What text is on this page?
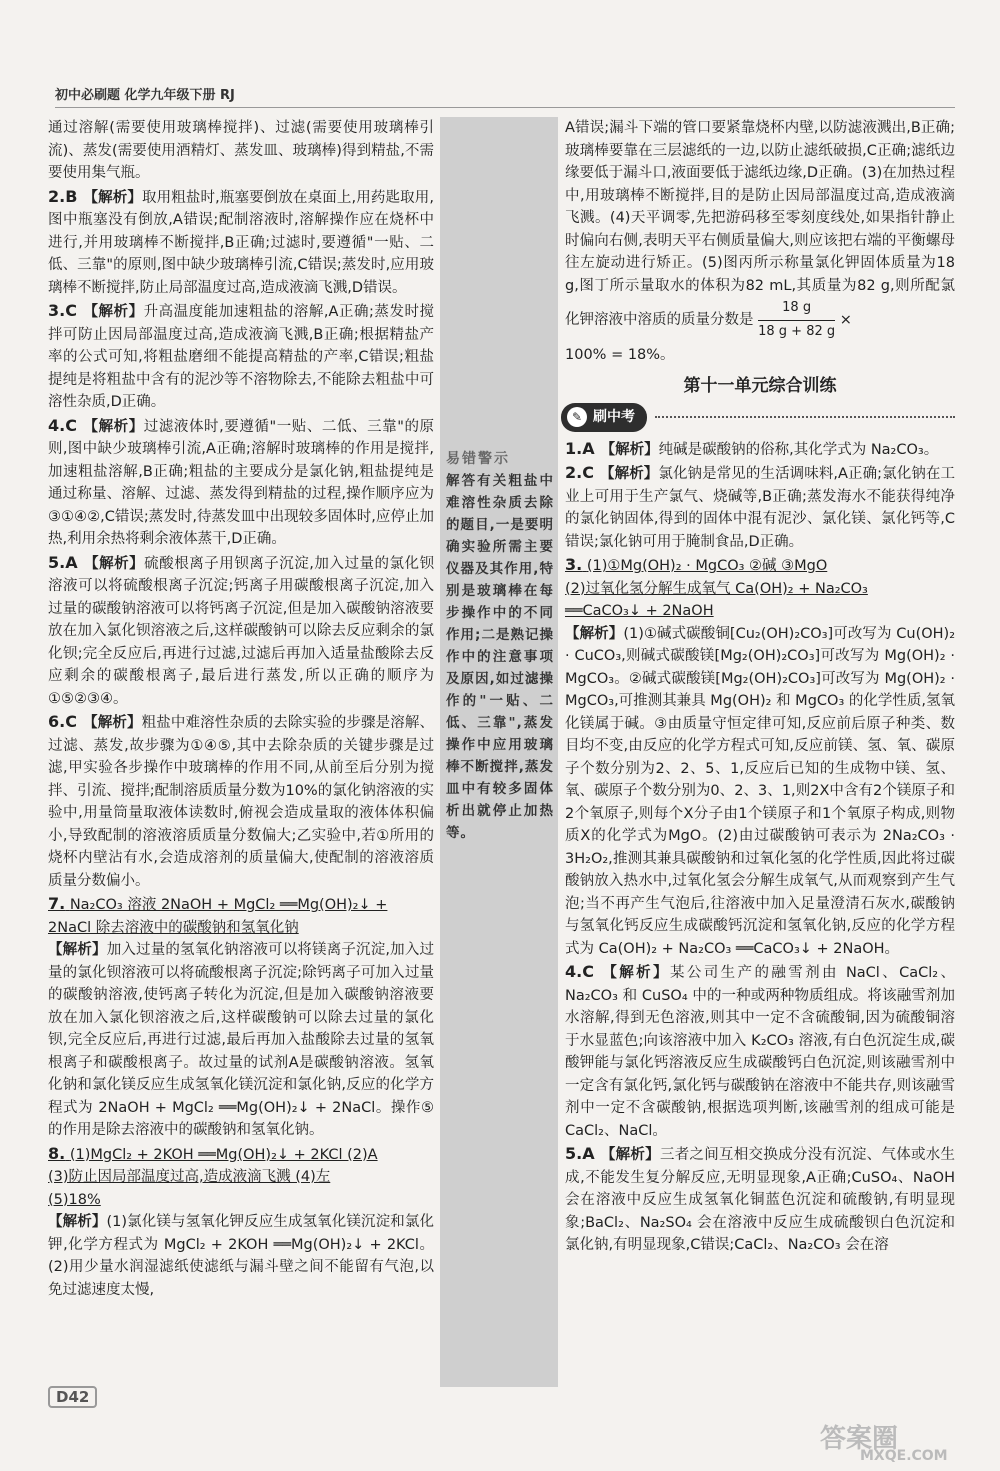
初中必刷题 化学九年级下册 RJ

通过溶解(需要使用玻璃棒搅拌)、过滤(需要使用玻璃棒引流)、蒸发(需要使用酒精灯、蒸发皿、玻璃棒)得到精盐,不需要使用集气瓶。

2.B 【解析】取用粗盐时,瓶塞要倒放在桌面上,用药匙取用,图中瓶塞没有倒放,A错误;配制溶液时,溶解操作应在烧杯中进行,并用玻璃棒不断搅拌,B正确;过滤时,要遵循"一贴、二低、三靠"的原则,图中缺少玻璃棒引流,C错误;蒸发时,应用玻璃棒不断搅拌,防止局部温度过高,造成液滴飞溅,D错误。

3.C 【解析】升高温度能加速粗盐的溶解,A正确;蒸发时搅拌可防止因局部温度过高,造成液滴飞溅,B正确;根据精盐产率的公式可知,将粗盐磨细不能提高精盐的产率,C错误;粗盐提纯是将粗盐中含有的泥沙等不溶物除去,不能除去粗盐中可溶性杂质,D正确。

4.C 【解析】过滤液体时,要遵循"一贴、二低、三靠"的原则,图中缺少玻璃棒引流,A正确;溶解时玻璃棒的作用是搅拌,加速粗盐溶解,B正确;粗盐的主要成分是氯化钠,粗盐提纯是通过称量、溶解、过滤、蒸发得到精盐的过程,操作顺序应为③①④②,C错误;蒸发时,待蒸发皿中出现较多固体时,应停止加热,利用余热将剩余液体蒸干,D正确。

5.A 【解析】硫酸根离子用钡离子沉淀,加入过量的氯化钡溶液可以将硫酸根离子沉淀;钙离子用碳酸根离子沉淀,加入过量的碳酸钠溶液可以将钙离子沉淀,但是加入碳酸钠溶液要放在加入氯化钡溶液之后,这样碳酸钠可以除去反应剩余的氯化钡;完全反应后,再进行过滤,过滤后再加入适量盐酸除去反应剩余的碳酸根离子,最后进行蒸发,所以正确的顺序为①⑤②③④。

6.C 【解析】粗盐中难溶性杂质的去除实验的步骤是溶解、过滤、蒸发,故步骤为①④⑤,其中去除杂质的关键步骤是过滤,甲实验各步操作中玻璃棒的作用不同,从前至后分别为搅拌、引流、搅拌;配制溶质质量分数为10%的氯化钠溶液的实验中,用量筒量取液体读数时,俯视会造成量取的液体体积偏小,导致配制的溶液溶质质量分数偏大;乙实验中,若①所用的烧杯内壁沾有水,会造成溶剂的质量偏大,使配制的溶液溶质质量分数偏小。

7. Na₂CO₃ 溶液 2NaOH + MgCl₂ ══Mg(OH)₂↓ +
2NaCl 除去溶液中的碳酸钠和氢氧化钠
【解析】加入过量的氢氧化钠溶液可以将镁离子沉淀,加入过量的氯化钡溶液可以将硫酸根离子沉淀;除钙离子可加入过量的碳酸钠溶液,使钙离子转化为沉淀,但是加入碳酸钠溶液要放在加入氯化钡溶液之后,这样碳酸钠可以除去过量的氯化钡,完全反应后,再进行过滤,最后再加入盐酸除去过量的氢氧根离子和碳酸根离子。故过量的试剂A是碳酸钠溶液。氢氧化钠和氯化镁反应生成氢氧化镁沉淀和氯化钠,反应的化学方程式为 2NaOH + MgCl₂ ══Mg(OH)₂↓ + 2NaCl。操作⑤的作用是除去溶液中的碳酸钠和氢氧化钠。
8. (1)MgCl₂ + 2KOH ══Mg(OH)₂↓ + 2KCl (2)A
(3)防止因局部温度过高,造成液滴飞溅 (4)左
(5)18%
【解析】(1)氯化镁与氢氧化钾反应生成氢氧化镁沉淀和氯化钾,化学方程式为 MgCl₂ + 2KOH ══Mg(OH)₂↓ + 2KCl。(2)用少量水润湿滤纸使滤纸与漏斗壁之间不能留有气泡,以免过滤速度太慢,
易错警示
解答有关粗盐中难溶性杂质去除的题目,一是要明确实验所需主要仪器及其作用,特别是玻璃棒在每步操作中的不同作用;二是熟记操作中的注意事项及原因,如过滤操作的"一贴、二低、三靠",蒸发操作中应用玻璃棒不断搅拌,蒸发皿中有较多固体析出就停止加热等。

A错误;漏斗下端的管口要紧靠烧杯内壁,以防滤液溅出,B正确;玻璃棒要靠在三层滤纸的一边,以防止滤纸破损,C正确;滤纸边缘要低于漏斗口,液面要低于滤纸边缘,D正确。(3)在加热过程中,用玻璃棒不断搅拌,目的是防止因局部温度过高,造成液滴飞溅。(4)天平调零,先把游码移至零刻度线处,如果指针静止时偏向右侧,表明天平右侧质量偏大,则应该把右端的平衡螺母往左旋动进行矫正。(5)图丙所示称量氯化钾固体质量为18 g,图丁所示量取水的体积为82 mL,其质量为82 g,则所配氯化钾溶液中溶质的质量分数是 $\frac{18 g}{18 g + 82 g}$ ×

100% = 18%。

第十一单元综合训练
✎ 刷中考

1.A 【解析】纯碱是碳酸钠的俗称,其化学式为 Na₂CO₃。

2.C 【解析】氯化钠是常见的生活调味料,A正确;氯化钠在工业上可用于生产氯气、烧碱等,B正确;蒸发海水不能获得纯净的氯化钠固体,得到的固体中混有泥沙、氯化镁、氯化钙等,C错误;氯化钠可用于腌制食品,D正确。

3. (1)①Mg(OH)₂ · MgCO₃ ②碱 ③MgO
(2)过氧化氢分解生成氧气 Ca(OH)₂ + Na₂CO₃
══CaCO₃↓ + 2NaOH
【解析】(1)①碱式碳酸铜[Cu₂(OH)₂CO₃]可改写为 Cu(OH)₂ · CuCO₃,则碱式碳酸镁[Mg₂(OH)₂CO₃]可改写为 Mg(OH)₂ · MgCO₃。②碱式碳酸镁[Mg₂(OH)₂CO₃]可改写为 Mg(OH)₂ · MgCO₃,可推测其兼具 Mg(OH)₂ 和 MgCO₃ 的化学性质,氢氧化镁属于碱。③由质量守恒定律可知,反应前后原子种类、数目均不变,由反应的化学方程式可知,反应前镁、氢、氧、碳原子个数分别为2、2、5、1,反应后已知的生成物中镁、氢、氧、碳原子个数分别为0、2、3、1,则2X中含有2个镁原子和2个氧原子,则每个X分子由1个镁原子和1个氧原子构成,则物质X的化学式为MgO。(2)由过碳酸钠可表示为 2Na₂CO₃ · 3H₂O₂,推测其兼具碳酸钠和过氧化氢的化学性质,因此将过碳酸钠放入热水中,过氧化氢会分解生成氧气,从而观察到产生气泡;当不再产生气泡后,往溶液中加入足量澄清石灰水,碳酸钠与氢氧化钙反应生成碳酸钙沉淀和氢氧化钠,反应的化学方程式为 Ca(OH)₂ + Na₂CO₃ ══CaCO₃↓ + 2NaOH。

4.C 【解析】某公司生产的融雪剂由 NaCl、CaCl₂、Na₂CO₃ 和 CuSO₄ 中的一种或两种物质组成。将该融雪剂加水溶解,得到无色溶液,则其中一定不含硫酸铜,因为硫酸铜溶于水显蓝色;向该溶液中加入 K₂CO₃ 溶液,有白色沉淀生成,碳酸钾能与氯化钙溶液反应生成碳酸钙白色沉淀,则该融雪剂中一定含有氯化钙,氯化钙与碳酸钠在溶液中不能共存,则该融雪剂中一定不含碳酸钠,根据选项判断,该融雪剂的组成可能是 CaCl₂、NaCl。

5.A 【解析】三者之间互相交换成分没有沉淀、气体或水生成,不能发生复分解反应,无明显现象,A正确;CuSO₄、NaOH 会在溶液中反应生成氢氧化铜蓝色沉淀和硫酸钠,有明显现象;BaCl₂、Na₂SO₄ 会在溶液中反应生成硫酸钡白色沉淀和氯化钠,有明显现象,C错误;CaCl₂、Na₂CO₃ 会在溶

D42
答案圈
MXQE.COM
